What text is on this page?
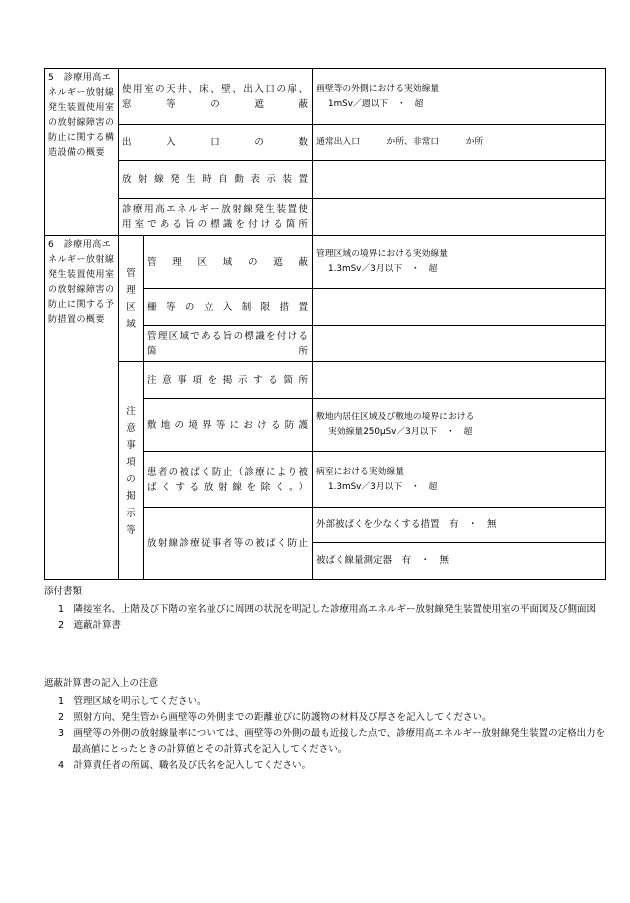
5　診療用高エネルギー放射線発生装置使用室の放射線障害の防止に関する構造設備の概要	使用室の天井、床、壁、出入口の扉、窓等の遮蔽		画壁等の外側における実効線量
1mSv／週以下　・　超

	出入口の数		通常出入口　　　か所、非常口　　　か所
	放射線発生時自動表示装置		
	診療用高エネルギー放射線発生装置使用室である旨の標識を付ける箇所		
6　診療用高エネルギー放射線発生装置使用室の放射線障害の防止に関する予防措置の概要	管理区域	管理区域の遮蔽	管理区域の境界における実効線量
1.3mSv／3月以下　・　超

		柵等の立入制限措置	
		管理区域である旨の標識を付ける箇所	
	注意事項の掲示等	注意事項を掲示する箇所	
		敷地の境界等における防護	敷地内居住区域及び敷地の境界における
実効線量250μSv／3月以下　・　超

		患者の被ばく防止（診療により被ばくする放射線を除く。）	病室における実効線量
1.3mSv／3月以下　・　超

		放射線診療従事者等の被ばく防止	外部被ばくを少なくする措置　有　・　無
被ばく線量測定器　有　・　無

添付書類

1　隣接室名、上階及び下階の室名並びに周囲の状況を明記した診療用高エネルギー放射線発生装置使用室の平面図及び側面図

2　遮蔽計算書

遮蔽計算書の記入上の注意

1　管理区域を明示してください。

2　照射方向、発生管から画壁等の外側までの距離並びに防護物の材料及び厚さを記入してください。

3　画壁等の外側の放射線量率については、画壁等の外側の最も近接した点で、診療用高エネルギー放射線発生装置の定格出力を最高値にとったときの計算値とその計算式を記入してください。

4　計算責任者の所属、職名及び氏名を記入してください。
